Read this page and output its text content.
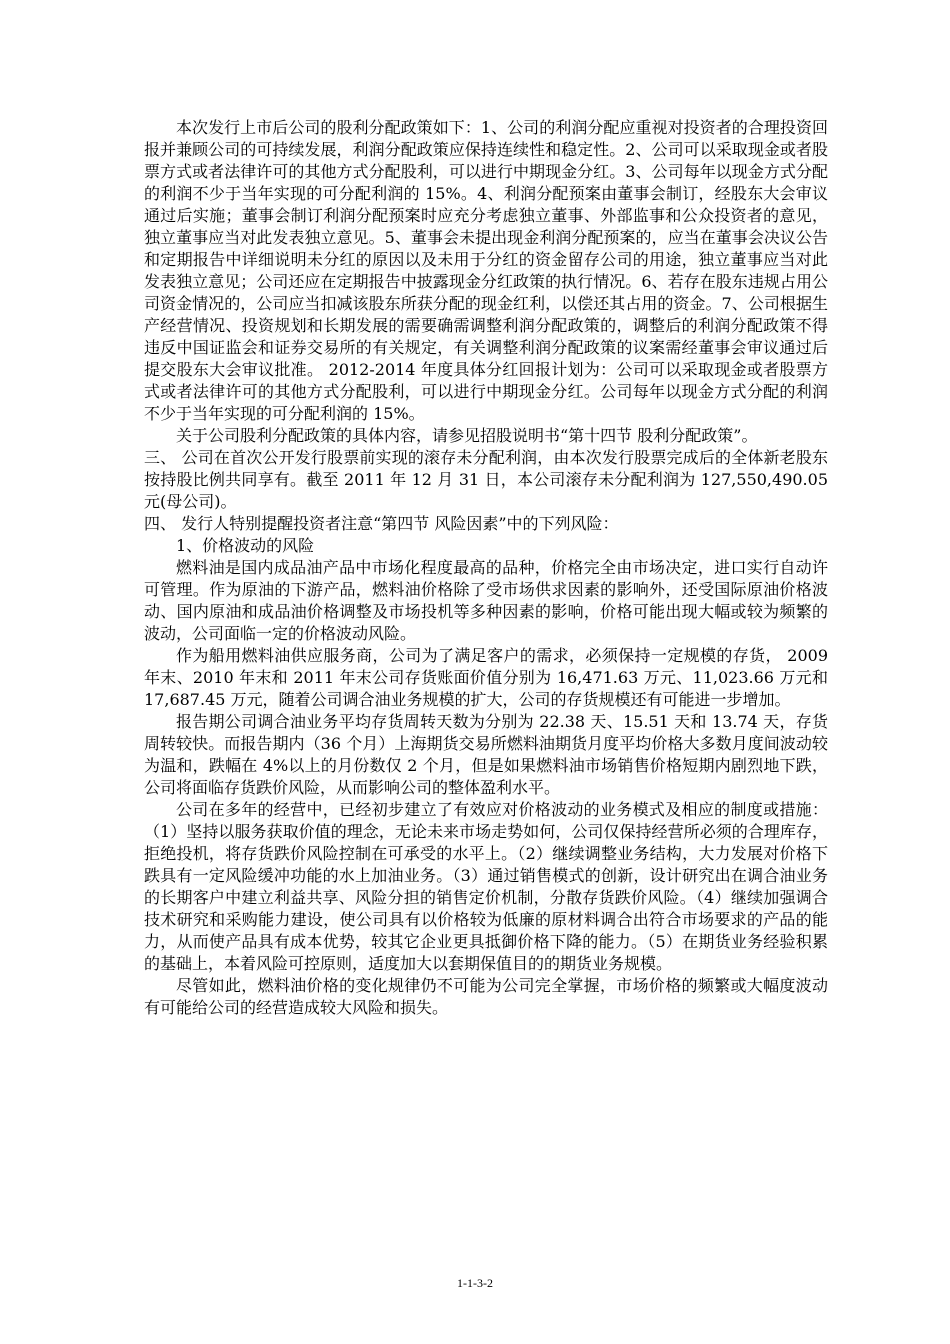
本次发行上市后公司的股利分配政策如下：1、公司的利润分配应重视对投资者的合理投资回报并兼顾公司的可持续发展，利润分配政策应保持连续性和稳定性。2、公司可以采取现金或者股票方式或者法律许可的其他方式分配股利，可以进行中期现金分红。3、公司每年以现金方式分配的利润不少于当年实现的可分配利润的 15%。4、利润分配预案由董事会制订，经股东大会审议通过后实施；董事会制订利润分配预案时应充分考虑独立董事、外部监事和公众投资者的意见，独立董事应当对此发表独立意见。5、董事会未提出现金利润分配预案的，应当在董事会决议公告和定期报告中详细说明未分红的原因以及未用于分红的资金留存公司的用途，独立董事应当对此发表独立意见；公司还应在定期报告中披露现金分红政策的执行情况。6、若存在股东违规占用公司资金情况的，公司应当扣减该股东所获分配的现金红利，以偿还其占用的资金。7、公司根据生产经营情况、投资规划和长期发展的需要确需调整利润分配政策的，调整后的利润分配政策不得违反中国证监会和证券交易所的有关规定，有关调整利润分配政策的议案需经董事会审议通过后提交股东大会审议批准。 2012-2014 年度具体分红回报计划为：公司可以采取现金或者股票方式或者法律许可的其他方式分配股利，可以进行中期现金分红。公司每年以现金方式分配的利润不少于当年实现的可分配利润的 15%。

关于公司股利分配政策的具体内容，请参见招股说明书“第十四节 股利分配政策”。

三、 公司在首次公开发行股票前实现的滚存未分配利润，由本次发行股票完成后的全体新老股东按持股比例共同享有。截至 2011 年 12 月 31 日，本公司滚存未分配利润为 127,550,490.05 元(母公司)。

四、 发行人特别提醒投资者注意“第四节 风险因素”中的下列风险：

1、价格波动的风险

燃料油是国内成品油产品中市场化程度最高的品种，价格完全由市场决定，进口实行自动许可管理。作为原油的下游产品，燃料油价格除了受市场供求因素的影响外，还受国际原油价格波动、国内原油和成品油价格调整及市场投机等多种因素的影响，价格可能出现大幅或较为频繁的波动，公司面临一定的价格波动风险。

作为船用燃料油供应服务商，公司为了满足客户的需求，必须保持一定规模的存货， 2009 年末、2010 年末和 2011 年末公司存货账面价值分别为 16,471.63 万元、11,023.66 万元和 17,687.45 万元，随着公司调合油业务规模的扩大，公司的存货规模还有可能进一步增加。

报告期公司调合油业务平均存货周转天数为分别为 22.38 天、15.51 天和 13.74 天，存货周转较快。而报告期内（36 个月）上海期货交易所燃料油期货月度平均价格大多数月度间波动较为温和，跌幅在 4%以上的月份数仅 2 个月，但是如果燃料油市场销售价格短期内剧烈地下跌，公司将面临存货跌价风险，从而影响公司的整体盈利水平。

公司在多年的经营中，已经初步建立了有效应对价格波动的业务模式及相应的制度或措施：（1）坚持以服务获取价值的理念，无论未来市场走势如何，公司仅保持经营所必须的合理库存，拒绝投机，将存货跌价风险控制在可承受的水平上。（2）继续调整业务结构，大力发展对价格下跌具有一定风险缓冲功能的水上加油业务。（3）通过销售模式的创新，设计研究出在调合油业务的长期客户中建立利益共享、风险分担的销售定价机制，分散存货跌价风险。（4）继续加强调合技术研究和采购能力建设，使公司具有以价格较为低廉的原材料调合出符合市场要求的产品的能力，从而使产品具有成本优势，较其它企业更具抵御价格下降的能力。（5）在期货业务经验积累的基础上，本着风险可控原则，适度加大以套期保值目的的期货业务规模。

尽管如此，燃料油价格的变化规律仍不可能为公司完全掌握，市场价格的频繁或大幅度波动有可能给公司的经营造成较大风险和损失。

1-1-3-2
